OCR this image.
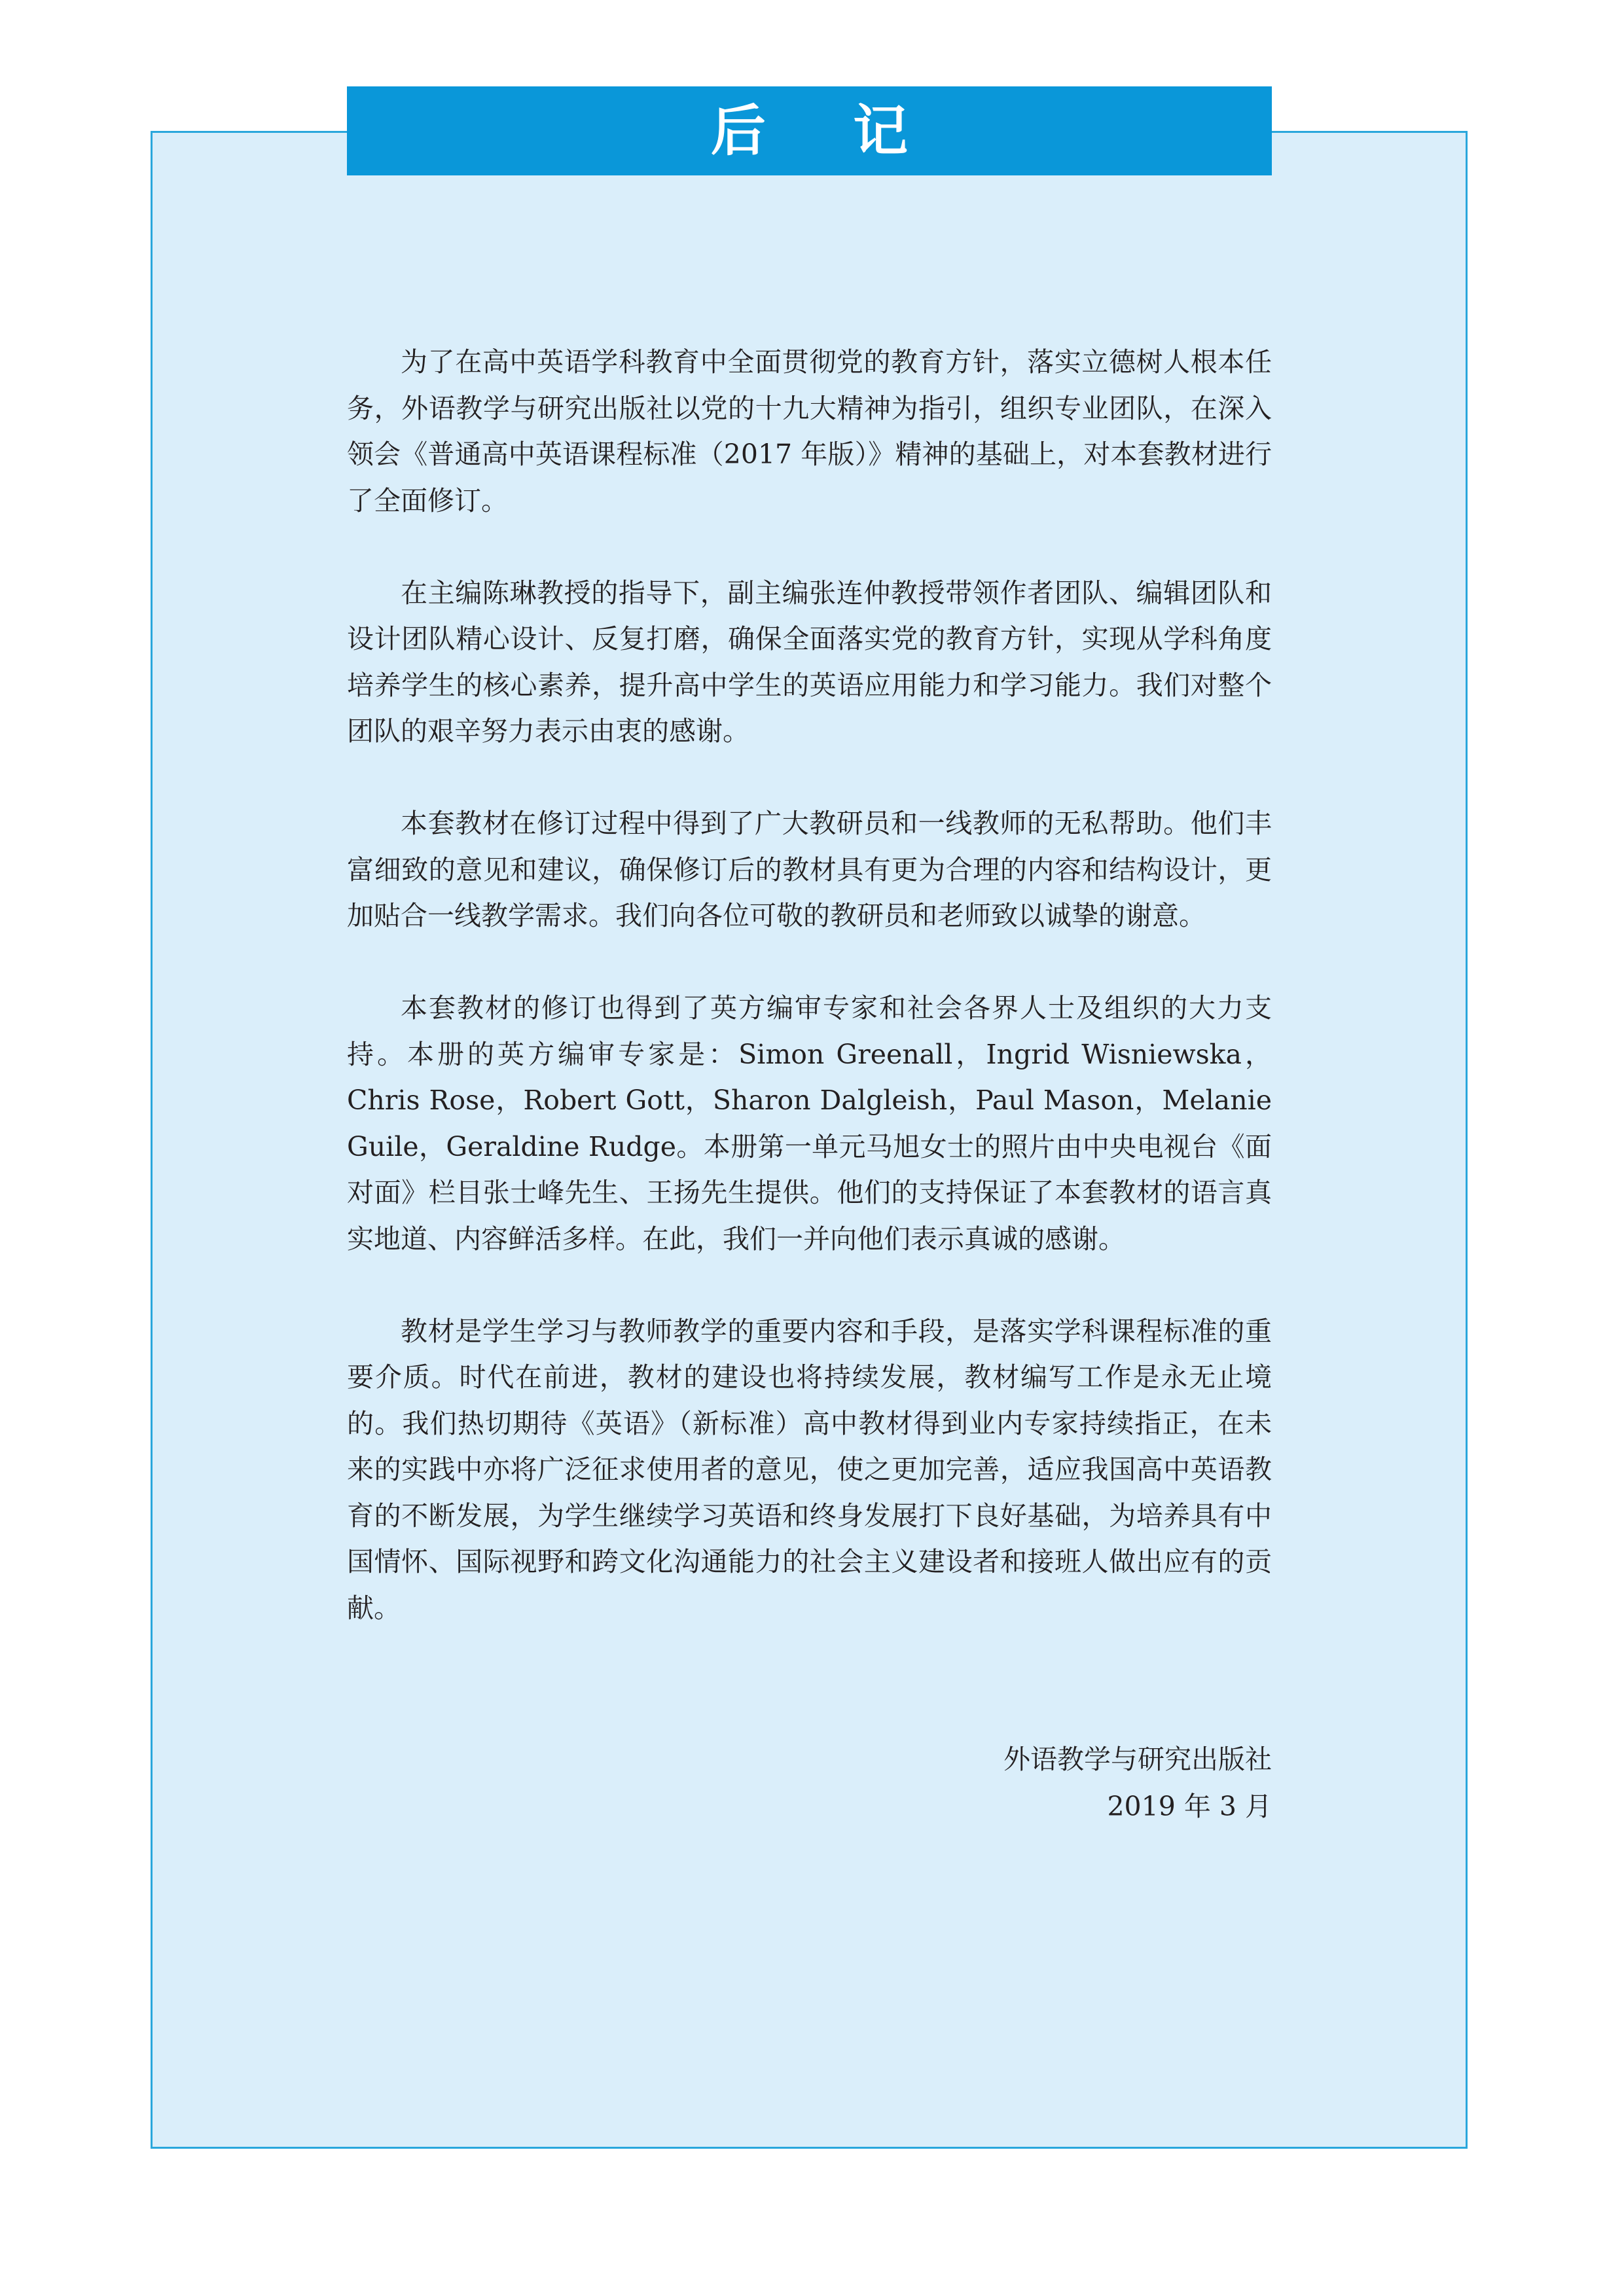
后 记

为了在高中英语学科教育中全面贯彻党的教育方针，落实立德树人根本任务，外语教学与研究出版社以党的十九大精神为指引，组织专业团队，在深入领会《普通高中英语课程标准（2017 年版）》精神的基础上，对本套教材进行了全面修订。

在主编陈琳教授的指导下，副主编张连仲教授带领作者团队、编辑团队和设计团队精心设计、反复打磨，确保全面落实党的教育方针，实现从学科角度培养学生的核心素养，提升高中学生的英语应用能力和学习能力。我们对整个团队的艰辛努力表示由衷的感谢。

本套教材在修订过程中得到了广大教研员和一线教师的无私帮助。他们丰富细致的意见和建议，确保修订后的教材具有更为合理的内容和结构设计，更加贴合一线教学需求。我们向各位可敬的教研员和老师致以诚挚的谢意。

本套教材的修订也得到了英方编审专家和社会各界人士及组织的大力支持。本册的英方编审专家是：Simon Greenall，Ingrid Wisniewska，Chris Rose，Robert Gott，Sharon Dalgleish，Paul Mason，Melanie Guile，Geraldine Rudge。本册第一单元马旭女士的照片由中央电视台《面对面》栏目张士峰先生、王扬先生提供。他们的支持保证了本套教材的语言真实地道、内容鲜活多样。在此，我们一并向他们表示真诚的感谢。

教材是学生学习与教师教学的重要内容和手段，是落实学科课程标准的重要介质。时代在前进，教材的建设也将持续发展，教材编写工作是永无止境的。我们热切期待《英语》（新标准）高中教材得到业内专家持续指正，在未来的实践中亦将广泛征求使用者的意见，使之更加完善，适应我国高中英语教育的不断发展，为学生继续学习英语和终身发展打下良好基础，为培养具有中国情怀、国际视野和跨文化沟通能力的社会主义建设者和接班人做出应有的贡献。

外语教学与研究出版社
2019 年 3 月
